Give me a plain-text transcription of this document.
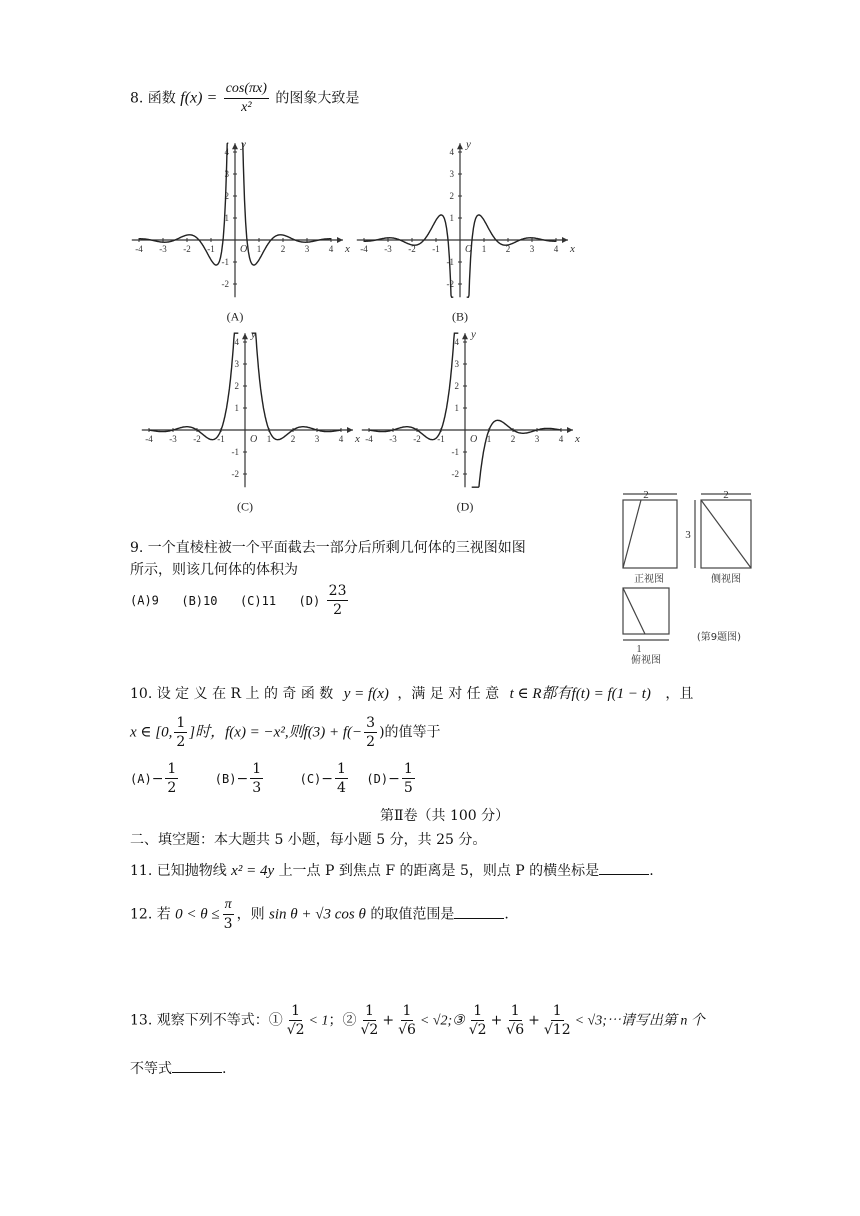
8. 函数 $f(x) = \frac{\cos(\pi x)}{\text{x²}}$ 的图象大致是
-4 -3 -2 -1	1 2 3 4
1
2
3
4
-1
-2
x
y
O
(A)
-4 -3 -2 -1	1 2 3 4
1
2
3
4
-1
-2
x
y
O
(B)
-4 -3 -2 -1	1 2 3 4
1
2
3
4
-1
-2
x
y
O
(C)
-4 -3 -2 -1	1 2 3 4
1
2
3
4
-1
-2
x
y
O
(D)
9. 一个直棱柱被一个平面截去一部分后所剩几何体的三视图如图
所示，则该几何体的体积为
(A)9 (B)10 (C)11 $(D) \frac{23}{2}$
2	2
3
1
正视图	侧视图
(第9题图)
俯视图
10. 设 定 义 在 R 上 的 奇 函 数 y = f(x) ，满 足 对 任 意 t ∈ R都有f(t) = f(1 − t) ，且
x ∈ [0, $\frac{1}{2}$ ]时，f(x) = −x²,则$f(3) + f(- \frac{3}{2}$ )的值等于
$(A)- \frac{1}{2}$	$(B)- \frac{1}{3}$	$(C)- \frac{1}{4} (D)- \frac{1}{5}$
第Ⅱ卷（共 100 分）
二、填空题：本大题共 5 小题，每小题 5 分，共 25 分。
11. 已知抛物线 x² = 4y 上一点 P 到焦点 F 的距离是 5，则点 P 的横坐标是	.
12. 若 $0 < \theta \le \frac{\pi}{3}$ ，则 sin θ + √3 cos θ 的取值范围是	.
13. 观察下列不等式：① $\frac{1}{√2} < 1$；② $\frac{1}{√2} + \frac{1}{√6}$ < √2;③ $\frac{1}{√2} + \frac{1}{√6} + \frac{1}{√12}$ < √3;⋯请写出第 n 个
不等式	.
